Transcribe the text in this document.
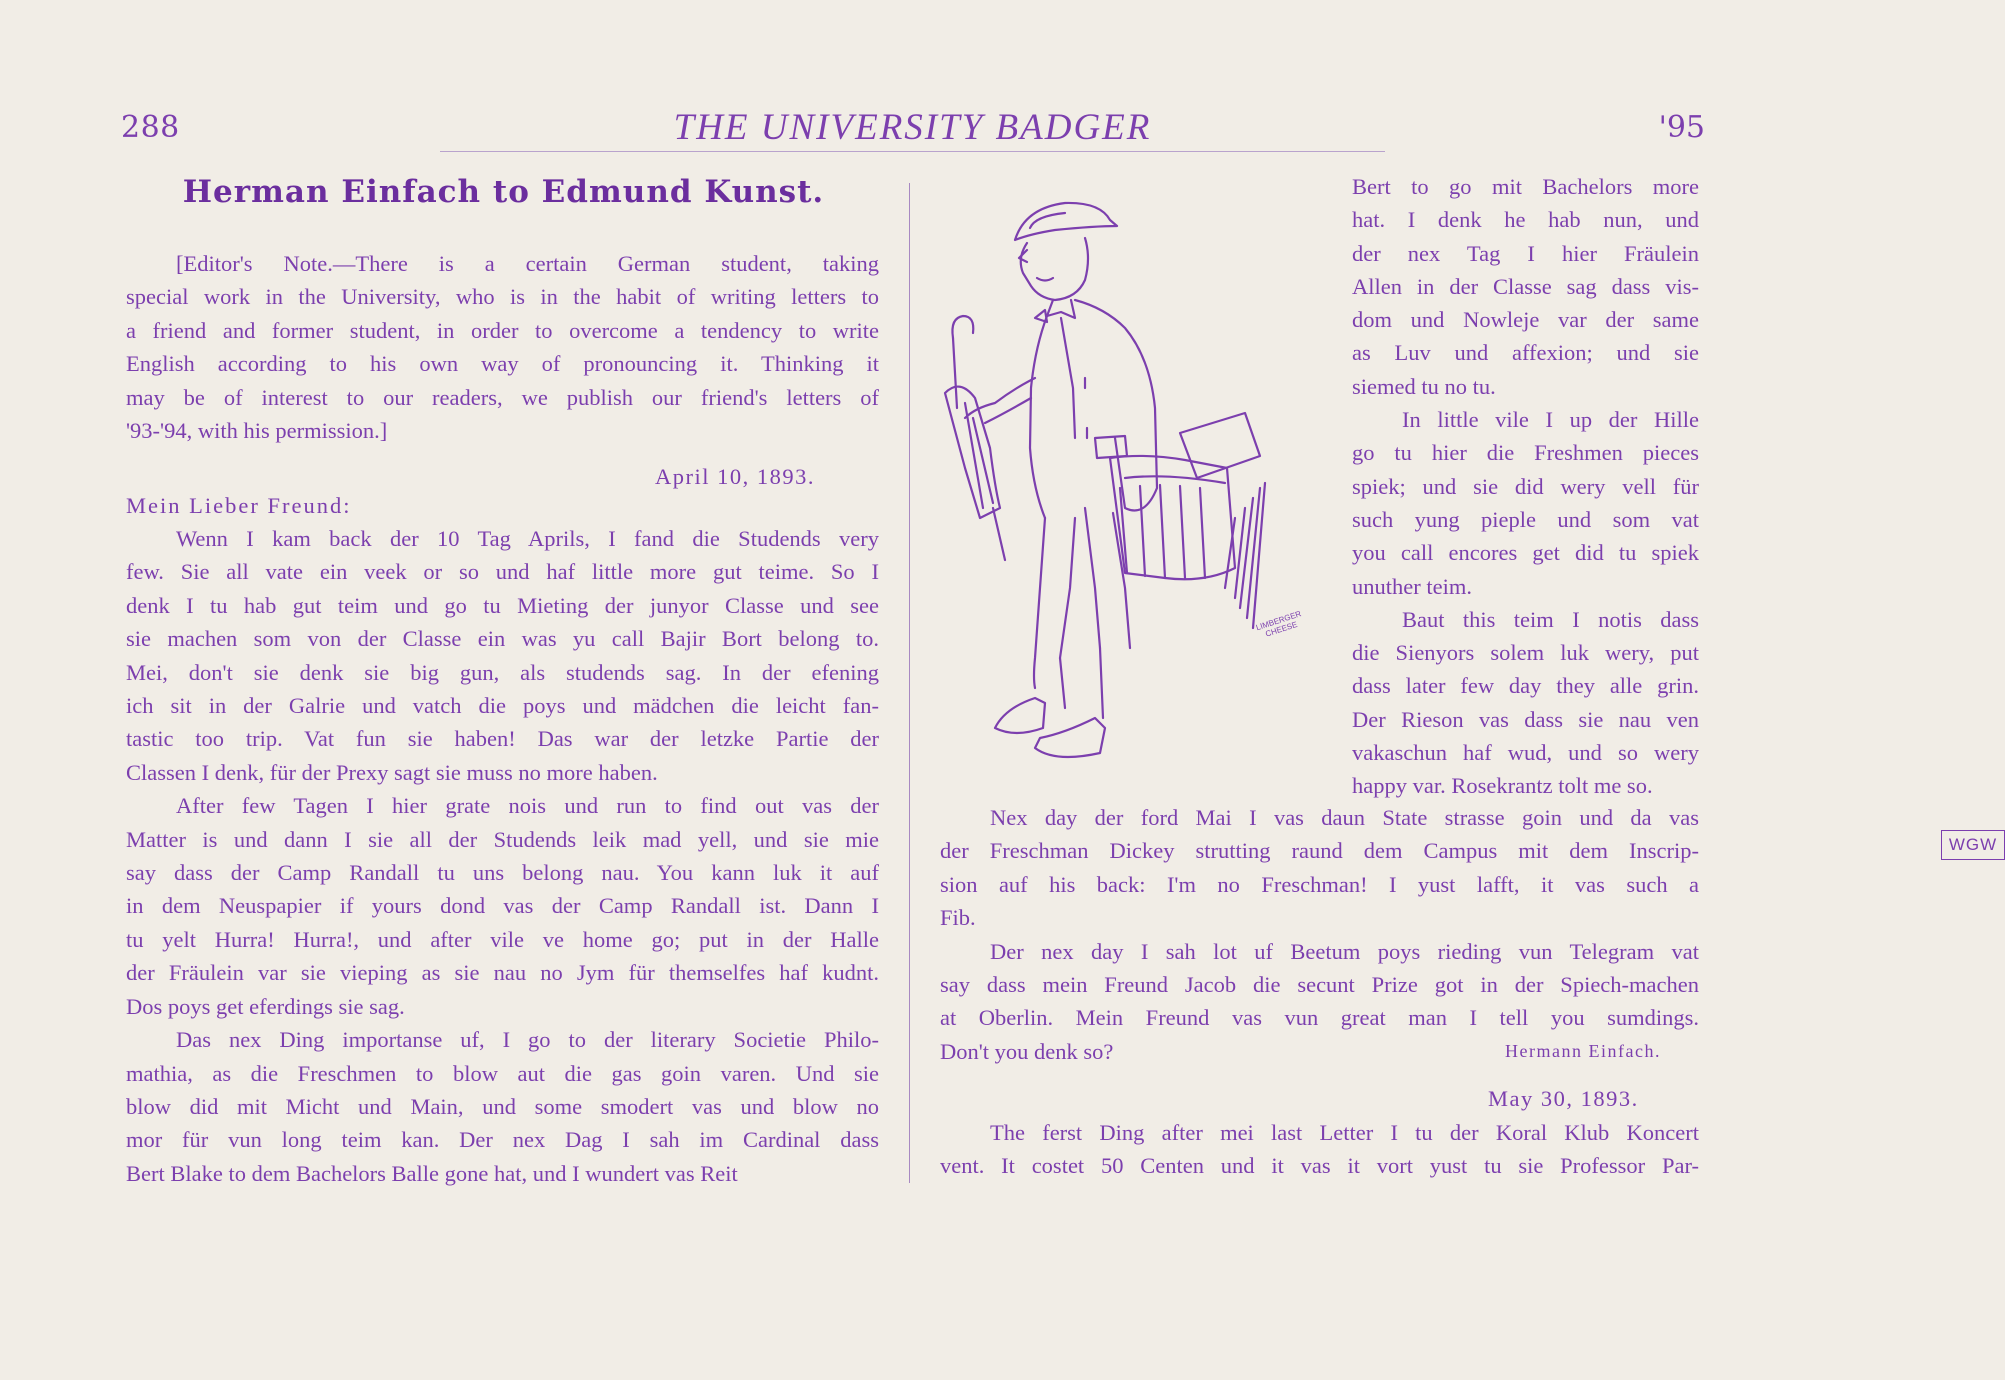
288	THE UNIVERSITY BADGER	'95
Herman Einfach to Edmund Kunst.

[Editor's Note.—There is a certain German student, taking

special work in the University, who is in the habit of writing letters to

a friend and former student, in order to overcome a tendency to write

English according to his own way of pronouncing it. Thinking it

may be of interest to our readers, we publish our friend's letters of

'93-'94, with his permission.]

April 10, 1893.
Mein Lieber Freund:

Wenn I kam back der 10 Tag Aprils, I fand die Studends very

few. Sie all vate ein veek or so und haf little more gut teime. So I

denk I tu hab gut teim und go tu Mieting der junyor Classe und see

sie machen som von der Classe ein was yu call Bajir Bort belong to.

Mei, don't sie denk sie big gun, als studends sag. In der efening

ich sit in der Galrie und vatch die poys und mädchen die leicht fan-

tastic too trip. Vat fun sie haben! Das war der letzke Partie der

Classen I denk, für der Prexy sagt sie muss no more haben.

After few Tagen I hier grate nois und run to find out vas der

Matter is und dann I sie all der Studends leik mad yell, und sie mie

say dass der Camp Randall tu uns belong nau. You kann luk it auf

in dem Neuspapier if yours dond vas der Camp Randall ist. Dann I

tu yelt Hurra! Hurra!, und after vile ve home go; put in der Halle

der Fräulein var sie vieping as sie nau no Jym für themselfes haf kudnt.

Dos poys get eferdings sie sag.

Das nex Ding importanse uf, I go to der literary Societie Philo-

mathia, as die Freschmen to blow aut die gas goin varen. Und sie

blow did mit Micht und Main, und some smodert vas und blow no

mor für vun long teim kan. Der nex Dag I sah im Cardinal dass

Bert Blake to dem Bachelors Balle gone hat, und I wundert vas Reit

WGW
LIMBERGER CHEESE

Bert to go mit Bachelors more

hat. I denk he hab nun, und

der nex Tag I hier Fräulein

Allen in der Classe sag dass vis-

dom und Nowleje var der same

as Luv und affexion; und sie

siemed tu no tu.

In little vile I up der Hille

go tu hier die Freshmen pieces

spiek; und sie did wery vell für

such yung pieple und som vat

you call encores get did tu spiek

unuther teim.

Baut this teim I notis dass

die Sienyors solem luk wery, put

dass later few day they alle grin.

Der Rieson vas dass sie nau ven

vakaschun haf wud, und so wery

happy var. Rosekrantz tolt me so.

Nex day der ford Mai I vas daun State strasse goin und da vas

der Freschman Dickey strutting raund dem Campus mit dem Inscrip-

sion auf his back: I'm no Freschman! I yust lafft, it vas such a

Fib.

Der nex day I sah lot uf Beetum poys rieding vun Telegram vat

say dass mein Freund Jacob die secunt Prize got in der Spiech-machen

at Oberlin. Mein Freund vas vun great man I tell you sumdings.

Don't you denk so?	Hermann Einfach.
May 30, 1893.

The ferst Ding after mei last Letter I tu der Koral Klub Koncert

vent. It costet 50 Centen und it vas it vort yust tu sie Professor Par-
